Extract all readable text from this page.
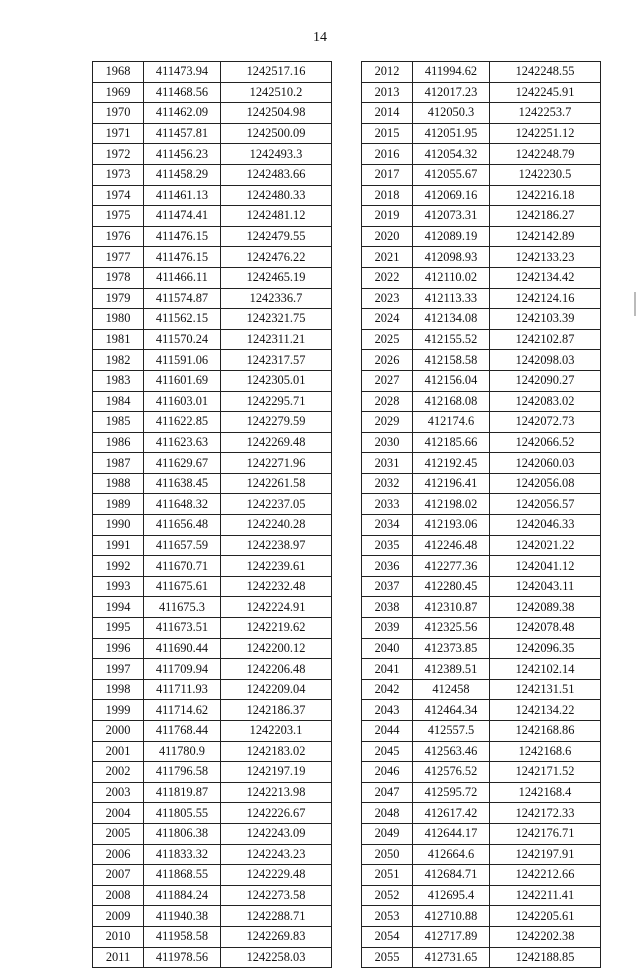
14
1968	411473.94	1242517.16
1969	411468.56	1242510.2
1970	411462.09	1242504.98
1971	411457.81	1242500.09
1972	411456.23	1242493.3
1973	411458.29	1242483.66
1974	411461.13	1242480.33
1975	411474.41	1242481.12
1976	411476.15	1242479.55
1977	411476.15	1242476.22
1978	411466.11	1242465.19
1979	411574.87	1242336.7
1980	411562.15	1242321.75
1981	411570.24	1242311.21
1982	411591.06	1242317.57
1983	411601.69	1242305.01
1984	411603.01	1242295.71
1985	411622.85	1242279.59
1986	411623.63	1242269.48
1987	411629.67	1242271.96
1988	411638.45	1242261.58
1989	411648.32	1242237.05
1990	411656.48	1242240.28
1991	411657.59	1242238.97
1992	411670.71	1242239.61
1993	411675.61	1242232.48
1994	411675.3	1242224.91
1995	411673.51	1242219.62
1996	411690.44	1242200.12
1997	411709.94	1242206.48
1998	411711.93	1242209.04
1999	411714.62	1242186.37
2000	411768.44	1242203.1
2001	411780.9	1242183.02
2002	411796.58	1242197.19
2003	411819.87	1242213.98
2004	411805.55	1242226.67
2005	411806.38	1242243.09
2006	411833.32	1242243.23
2007	411868.55	1242229.48
2008	411884.24	1242273.58
2009	411940.38	1242288.71
2010	411958.58	1242269.83
2011	411978.56	1242258.03
2012	411994.62	1242248.55
2013	412017.23	1242245.91
2014	412050.3	1242253.7
2015	412051.95	1242251.12
2016	412054.32	1242248.79
2017	412055.67	1242230.5
2018	412069.16	1242216.18
2019	412073.31	1242186.27
2020	412089.19	1242142.89
2021	412098.93	1242133.23
2022	412110.02	1242134.42
2023	412113.33	1242124.16
2024	412134.08	1242103.39
2025	412155.52	1242102.87
2026	412158.58	1242098.03
2027	412156.04	1242090.27
2028	412168.08	1242083.02
2029	412174.6	1242072.73
2030	412185.66	1242066.52
2031	412192.45	1242060.03
2032	412196.41	1242056.08
2033	412198.02	1242056.57
2034	412193.06	1242046.33
2035	412246.48	1242021.22
2036	412277.36	1242041.12
2037	412280.45	1242043.11
2038	412310.87	1242089.38
2039	412325.56	1242078.48
2040	412373.85	1242096.35
2041	412389.51	1242102.14
2042	412458	1242131.51
2043	412464.34	1242134.22
2044	412557.5	1242168.86
2045	412563.46	1242168.6
2046	412576.52	1242171.52
2047	412595.72	1242168.4
2048	412617.42	1242172.33
2049	412644.17	1242176.71
2050	412664.6	1242197.91
2051	412684.71	1242212.66
2052	412695.4	1242211.41
2053	412710.88	1242205.61
2054	412717.89	1242202.38
2055	412731.65	1242188.85
